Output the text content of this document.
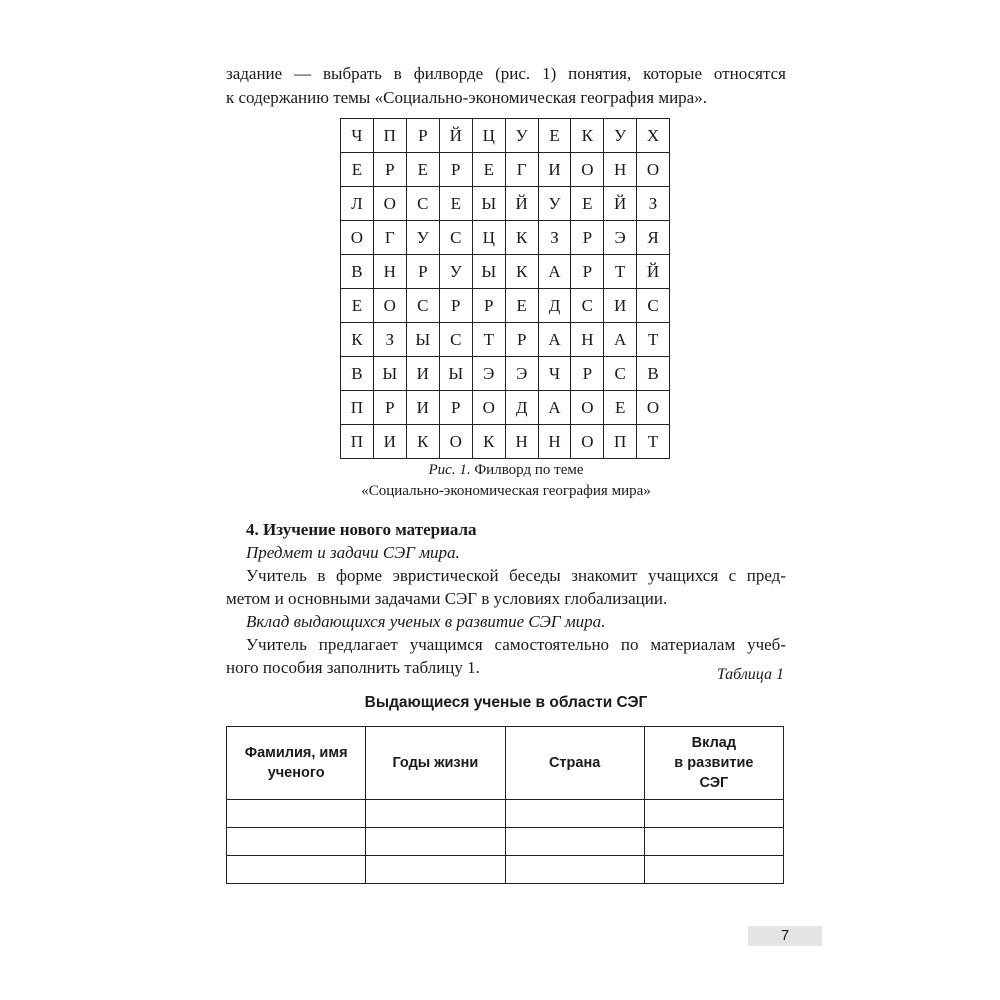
задание — выбрать в филворде (рис. 1) понятия, которые относятся

к содержанию темы «Социально-экономическая география мира».

Ч	П	Р	Й	Ц	У	Е	К	У	Х
Е	Р	Е	Р	Е	Г	И	О	Н	О
Л	О	С	Е	Ы	Й	У	Е	Й	З
О	Г	У	С	Ц	К	З	Р	Э	Я
В	Н	Р	У	Ы	К	А	Р	Т	Й
Е	О	С	Р	Р	Е	Д	С	И	С
К	З	Ы	С	Т	Р	А	Н	А	Т
В	Ы	И	Ы	Э	Э	Ч	Р	С	В
П	Р	И	Р	О	Д	А	О	Е	О
П	И	К	О	К	Н	Н	О	П	Т
Рис. 1. Филворд по теме
«Социально-экономическая география мира»

4. Изучение нового материала

Предмет и задачи СЭГ мира.

Учитель в форме эвристической беседы знакомит учащихся с пред-

метом и основными задачами СЭГ в условиях глобализации.

Вклад выдающихся ученых в развитие СЭГ мира.

Учитель предлагает учащимся самостоятельно по материалам учеб-

ного пособия заполнить таблицу 1.	Таблица 1
Выдающиеся ученые в области СЭГ
Фамилия, имя
ученого	Годы жизни	Страна	Вклад
в развитие
СЭГ

7
